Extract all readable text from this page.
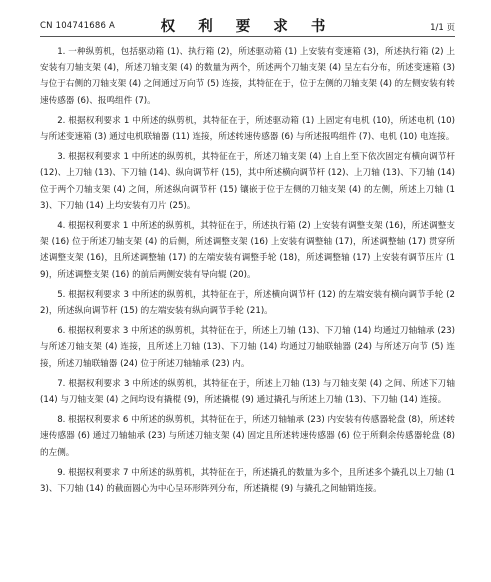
CN 104741686 A	权 利 要 求 书	1/1 页

1. 一种纵剪机，包括驱动箱 (1)、执行箱 (2)，所述驱动箱 (1) 上安装有变速箱 (3)，所述执行箱 (2) 上安装有刀轴支架 (4)，所述刀轴支架 (4) 的数量为两个，所述两个刀轴支架 (4) 呈左右分布，所述变速箱 (3) 与位于右侧的刀轴支架 (4) 之间通过万向节 (5) 连接，其特征在于，位于左侧的刀轴支架 (4) 的左侧安装有转速传感器 (6)、报鸣组件 (7)。

2. 根据权利要求 1 中所述的纵剪机，其特征在于，所述驱动箱 (1) 上固定有电机 (10)，所述电机 (10) 与所述变速箱 (3) 通过电机联轴器 (11) 连接，所述转速传感器 (6) 与所述报鸣组件 (7)、电机 (10) 电连接。

3. 根据权利要求 1 中所述的纵剪机，其特征在于，所述刀轴支架 (4) 上自上至下依次固定有横向调节杆 (12)、上刀轴 (13)、下刀轴 (14)、纵向调节杆 (15)，其中所述横向调节杆 (12)、上刀轴 (13)、下刀轴 (14) 位于两个刀轴支架 (4) 之间，所述纵向调节杆 (15) 镶嵌于位于左侧的刀轴支架 (4) 的左侧，所述上刀轴 (13)、下刀轴 (14) 上均安装有刀片 (25)。

4. 根据权利要求 1 中所述的纵剪机，其特征在于，所述执行箱 (2) 上安装有调整支架 (16)，所述调整支架 (16) 位于所述刀轴支架 (4) 的后侧，所述调整支架 (16) 上安装有调整轴 (17)，所述调整轴 (17) 贯穿所述调整支架 (16)，且所述调整轴 (17) 的左端安装有调整手轮 (18)，所述调整轴 (17) 上安装有调节压片 (19)，所述调整支架 (16) 的前后两侧安装有导向辊 (20)。

5. 根据权利要求 3 中所述的纵剪机，其特征在于，所述横向调节杆 (12) 的左端安装有横向调节手轮 (22)，所述纵向调节杆 (15) 的左端安装有纵向调节手轮 (21)。

6. 根据权利要求 3 中所述的纵剪机，其特征在于，所述上刀轴 (13)、下刀轴 (14) 均通过刀轴轴承 (23) 与所述刀轴支架 (4) 连接，且所述上刀轴 (13)、下刀轴 (14) 均通过刀轴联轴器 (24) 与所述万向节 (5) 连接，所述刀轴联轴器 (24) 位于所述刀轴轴承 (23) 内。

7. 根据权利要求 3 中所述的纵剪机，其特征在于，所述上刀轴 (13) 与刀轴支架 (4) 之间、所述下刀轴 (14) 与刀轴支架 (4) 之间均设有撬棍 (9)，所述撬棍 (9) 通过撬孔与所述上刀轴 (13)、下刀轴 (14) 连接。

8. 根据权利要求 6 中所述的纵剪机，其特征在于，所述刀轴轴承 (23) 内安装有传感器轮盘 (8)，所述转速传感器 (6) 通过刀轴轴承 (23) 与所述刀轴支架 (4) 固定且所述转速传感器 (6) 位于所剩余传感器轮盘 (8) 的左侧。

9. 根据权利要求 7 中所述的纵剪机，其特征在于，所述撬孔的数量为多个，且所述多个撬孔以上刀轴 (13)、下刀轴 (14) 的截面圆心为中心呈环形阵列分布，所述撬棍 (9) 与撬孔之间轴销连接。
